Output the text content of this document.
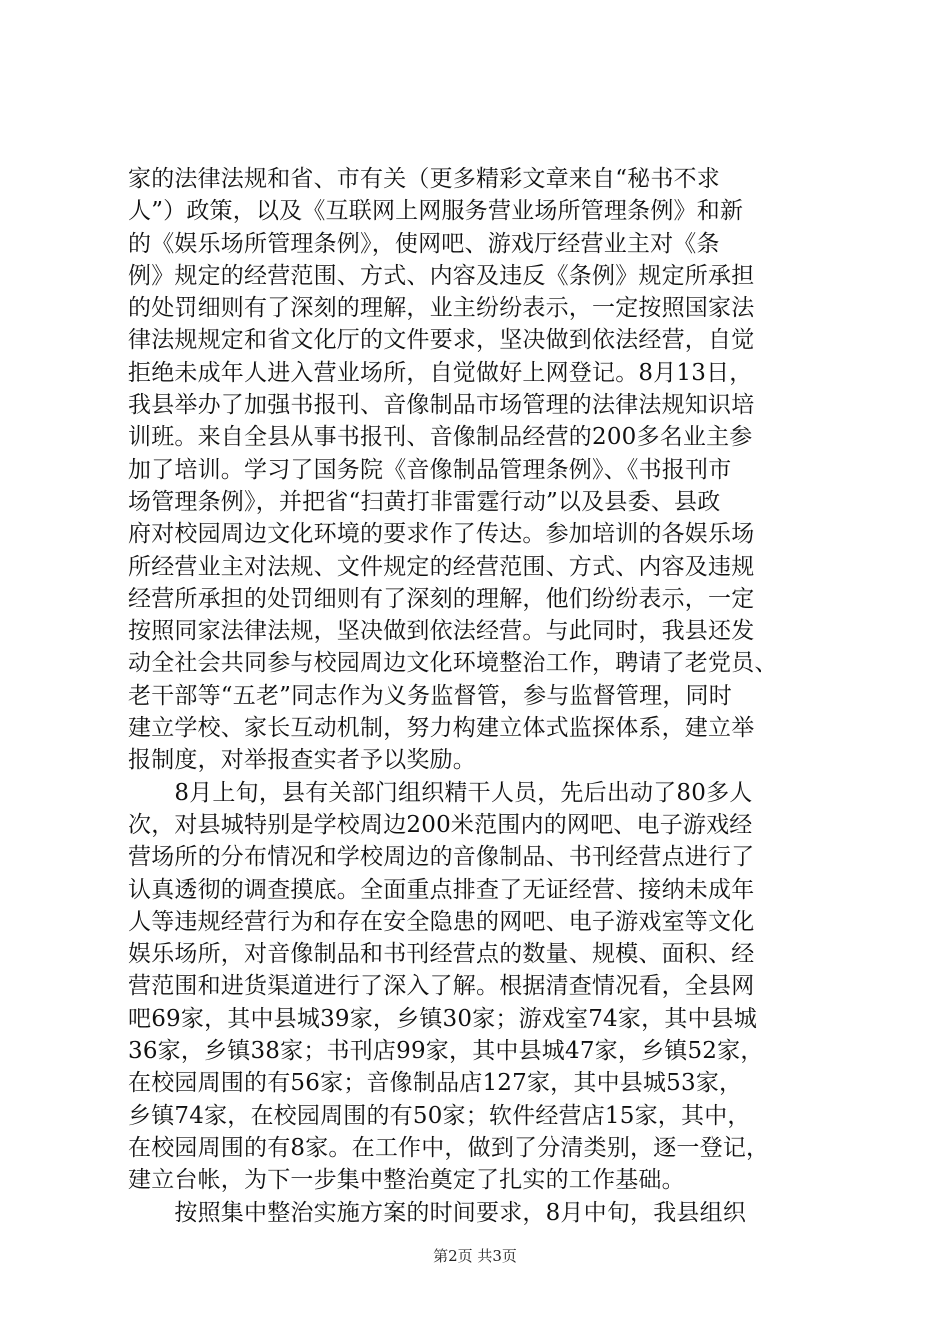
家的法律法规和省、市有关（更多精彩文章来自“秘书不求
人”）政策，以及《互联网上网服务营业场所管理条例》和新
的《娱乐场所管理条例》，使网吧、游戏厅经营业主对《条
例》规定的经营范围、方式、内容及违反《条例》规定所承担
的处罚细则有了深刻的理解，业主纷纷表示，一定按照国家法
律法规规定和省文化厅的文件要求，坚决做到依法经营，自觉
拒绝未成年人进入营业场所，自觉做好上网登记。8月13日，
我县举办了加强书报刊、音像制品市场管理的法律法规知识培
训班。来自全县从事书报刊、音像制品经营的200多名业主参
加了培训。学习了国务院《音像制品管理条例》、《书报刊市
场管理条例》，并把省“扫黄打非雷霆行动”以及县委、县政
府对校园周边文化环境的要求作了传达。参加培训的各娱乐场
所经营业主对法规、文件规定的经营范围、方式、内容及违规
经营所承担的处罚细则有了深刻的理解，他们纷纷表示，一定
按照同家法律法规，坚决做到依法经营。与此同时，我县还发
动全社会共同参与校园周边文化环境整治工作，聘请了老党员、
老干部等“五老”同志作为义务监督管，参与监督管理，同时
建立学校、家长互动机制，努力构建立体式监探体系，建立举
报制度，对举报查实者予以奖励。
　　8月上旬，县有关部门组织精干人员，先后出动了80多人
次，对县城特别是学校周边200米范围内的网吧、电子游戏经
营场所的分布情况和学校周边的音像制品、书刊经营点进行了
认真透彻的调查摸底。全面重点排查了无证经营、接纳未成年
人等违规经营行为和存在安全隐患的网吧、电子游戏室等文化
娱乐场所，对音像制品和书刊经营点的数量、规模、面积、经
营范围和进货渠道进行了深入了解。根据清查情况看，全县网
吧69家，其中县城39家，乡镇30家；游戏室74家，其中县城
36家，乡镇38家；书刊店99家，其中县城47家，乡镇52家，
在校园周围的有56家；音像制品店127家，其中县城53家，
乡镇74家，在校园周围的有50家；软件经营店15家，其中，
在校园周围的有8家。在工作中，做到了分清类别，逐一登记，
建立台帐，为下一步集中整治奠定了扎实的工作基础。
　　按照集中整治实施方案的时间要求，8月中旬，我县组织
第2页 共3页
